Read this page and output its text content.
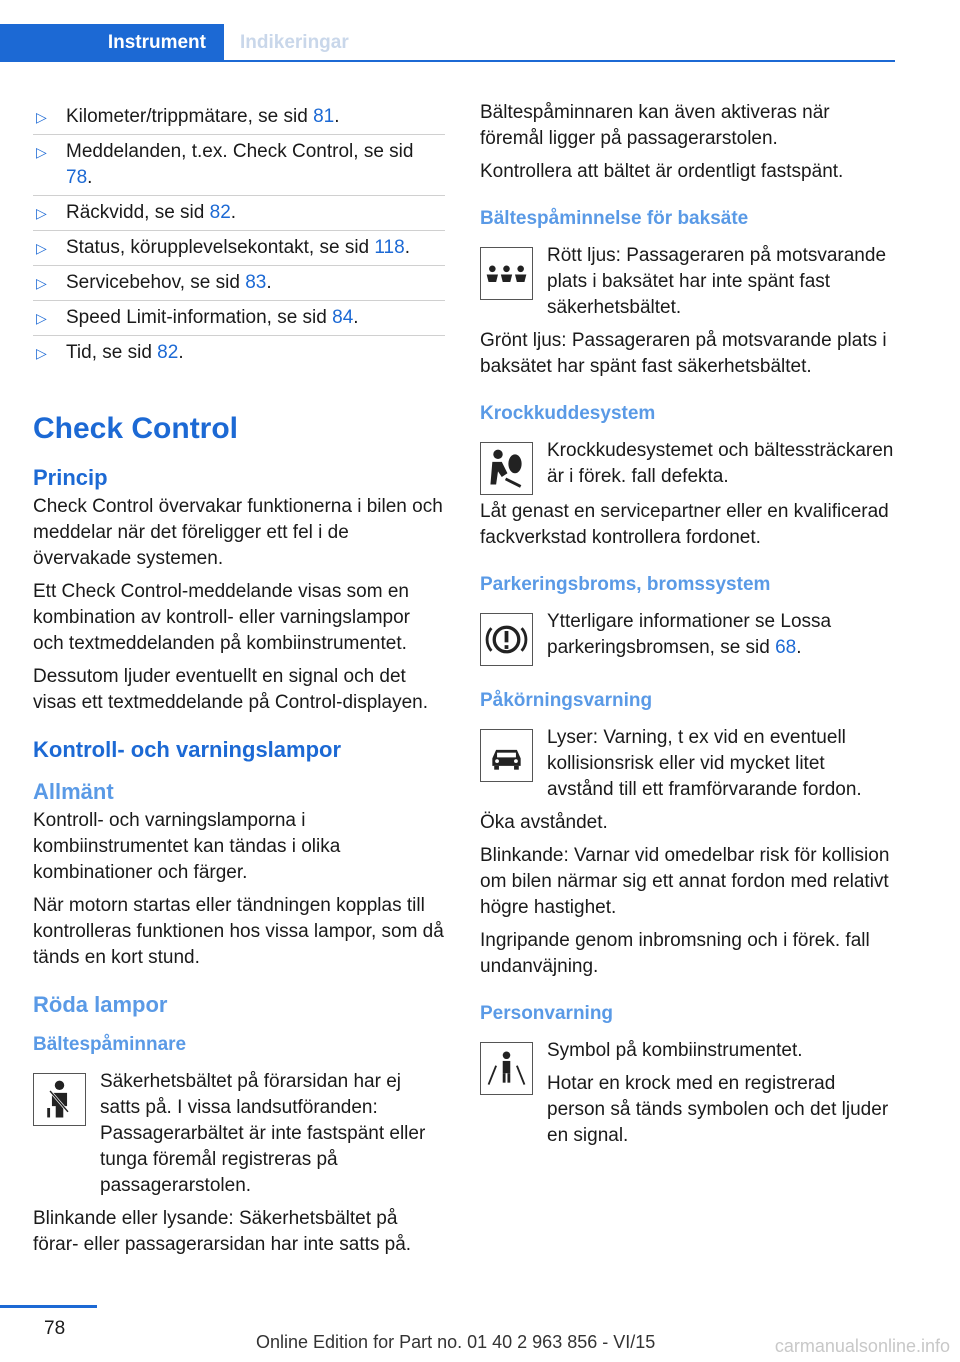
Instrument Indikeringar
▷ Kilometer/trippmätare, se sid 81.
▷ Meddelanden, t.ex. Check Control, se sid 78.
▷ Räckvidd, se sid 82.
▷ Status, körupplevelsekontakt, se sid 118.
▷ Servicebehov, se sid 83.
▷ Speed Limit-information, se sid 84.
▷ Tid, se sid 82.
Check Control
Princip

Check Control övervakar funktionerna i bilen och meddelar när det föreligger ett fel i de övervakade systemen.

Ett Check Control-meddelande visas som en kombination av kontroll- eller varningslampor och textmeddelanden på kombiinstrumentet.

Dessutom ljuder eventuellt en signal och det visas ett textmeddelande på Control-displayen.

Kontroll- och varningslampor
Allmänt

Kontroll- och varningslamporna i kombiinstrumentet kan tändas i olika kombinationer och färger.

När motorn startas eller tändningen kopplas till kontrolleras funktionen hos vissa lampor, som då tänds en kort stund.

Röda lampor
Bältespåminnare

Säkerhetsbältet på förarsidan har ej satts på. I vissa landsutföranden: Passagerarbältet är inte fastspänt eller tunga föremål registreras på passagerarstolen.

Blinkande eller lysande: Säkerhetsbältet på förar- eller passagerarsidan har inte satts på.

Bältespåminnaren kan även aktiveras när föremål ligger på passagerarstolen.

Kontrollera att bältet är ordentligt fastspänt.

Bältespåminnelse för baksäte

Rött ljus: Passageraren på motsvarande plats i baksätet har inte spänt fast säkerhetsbältet.

Grönt ljus: Passageraren på motsvarande plats i baksätet har spänt fast säkerhetsbältet.

Krockkuddesystem

Krockkudesystemet och bältessträckaren är i förek. fall defekta.

Låt genast en servicepartner eller en kvalificerad fackverkstad kontrollera fordonet.

Parkeringsbroms, bromssystem

Ytterligare informationer se Lossa parkeringsbromsen, se sid 68.

Påkörningsvarning

Lyser: Varning, t ex vid en eventuell kollisionsrisk eller vid mycket litet avstånd till ett framförvarande fordon.

Öka avståndet.

Blinkande: Varnar vid omedelbar risk för kollision om bilen närmar sig ett annat fordon med relativt högre hastighet.

Ingripande genom inbromsning och i förek. fall undanväjning.

Personvarning

Symbol på kombiinstrumentet.

Hotar en krock med en registrerad person så tänds symbolen och det ljuder en signal.

78
Online Edition for Part no. 01 40 2 963 856 - VI/15	carmanualsonline.info
